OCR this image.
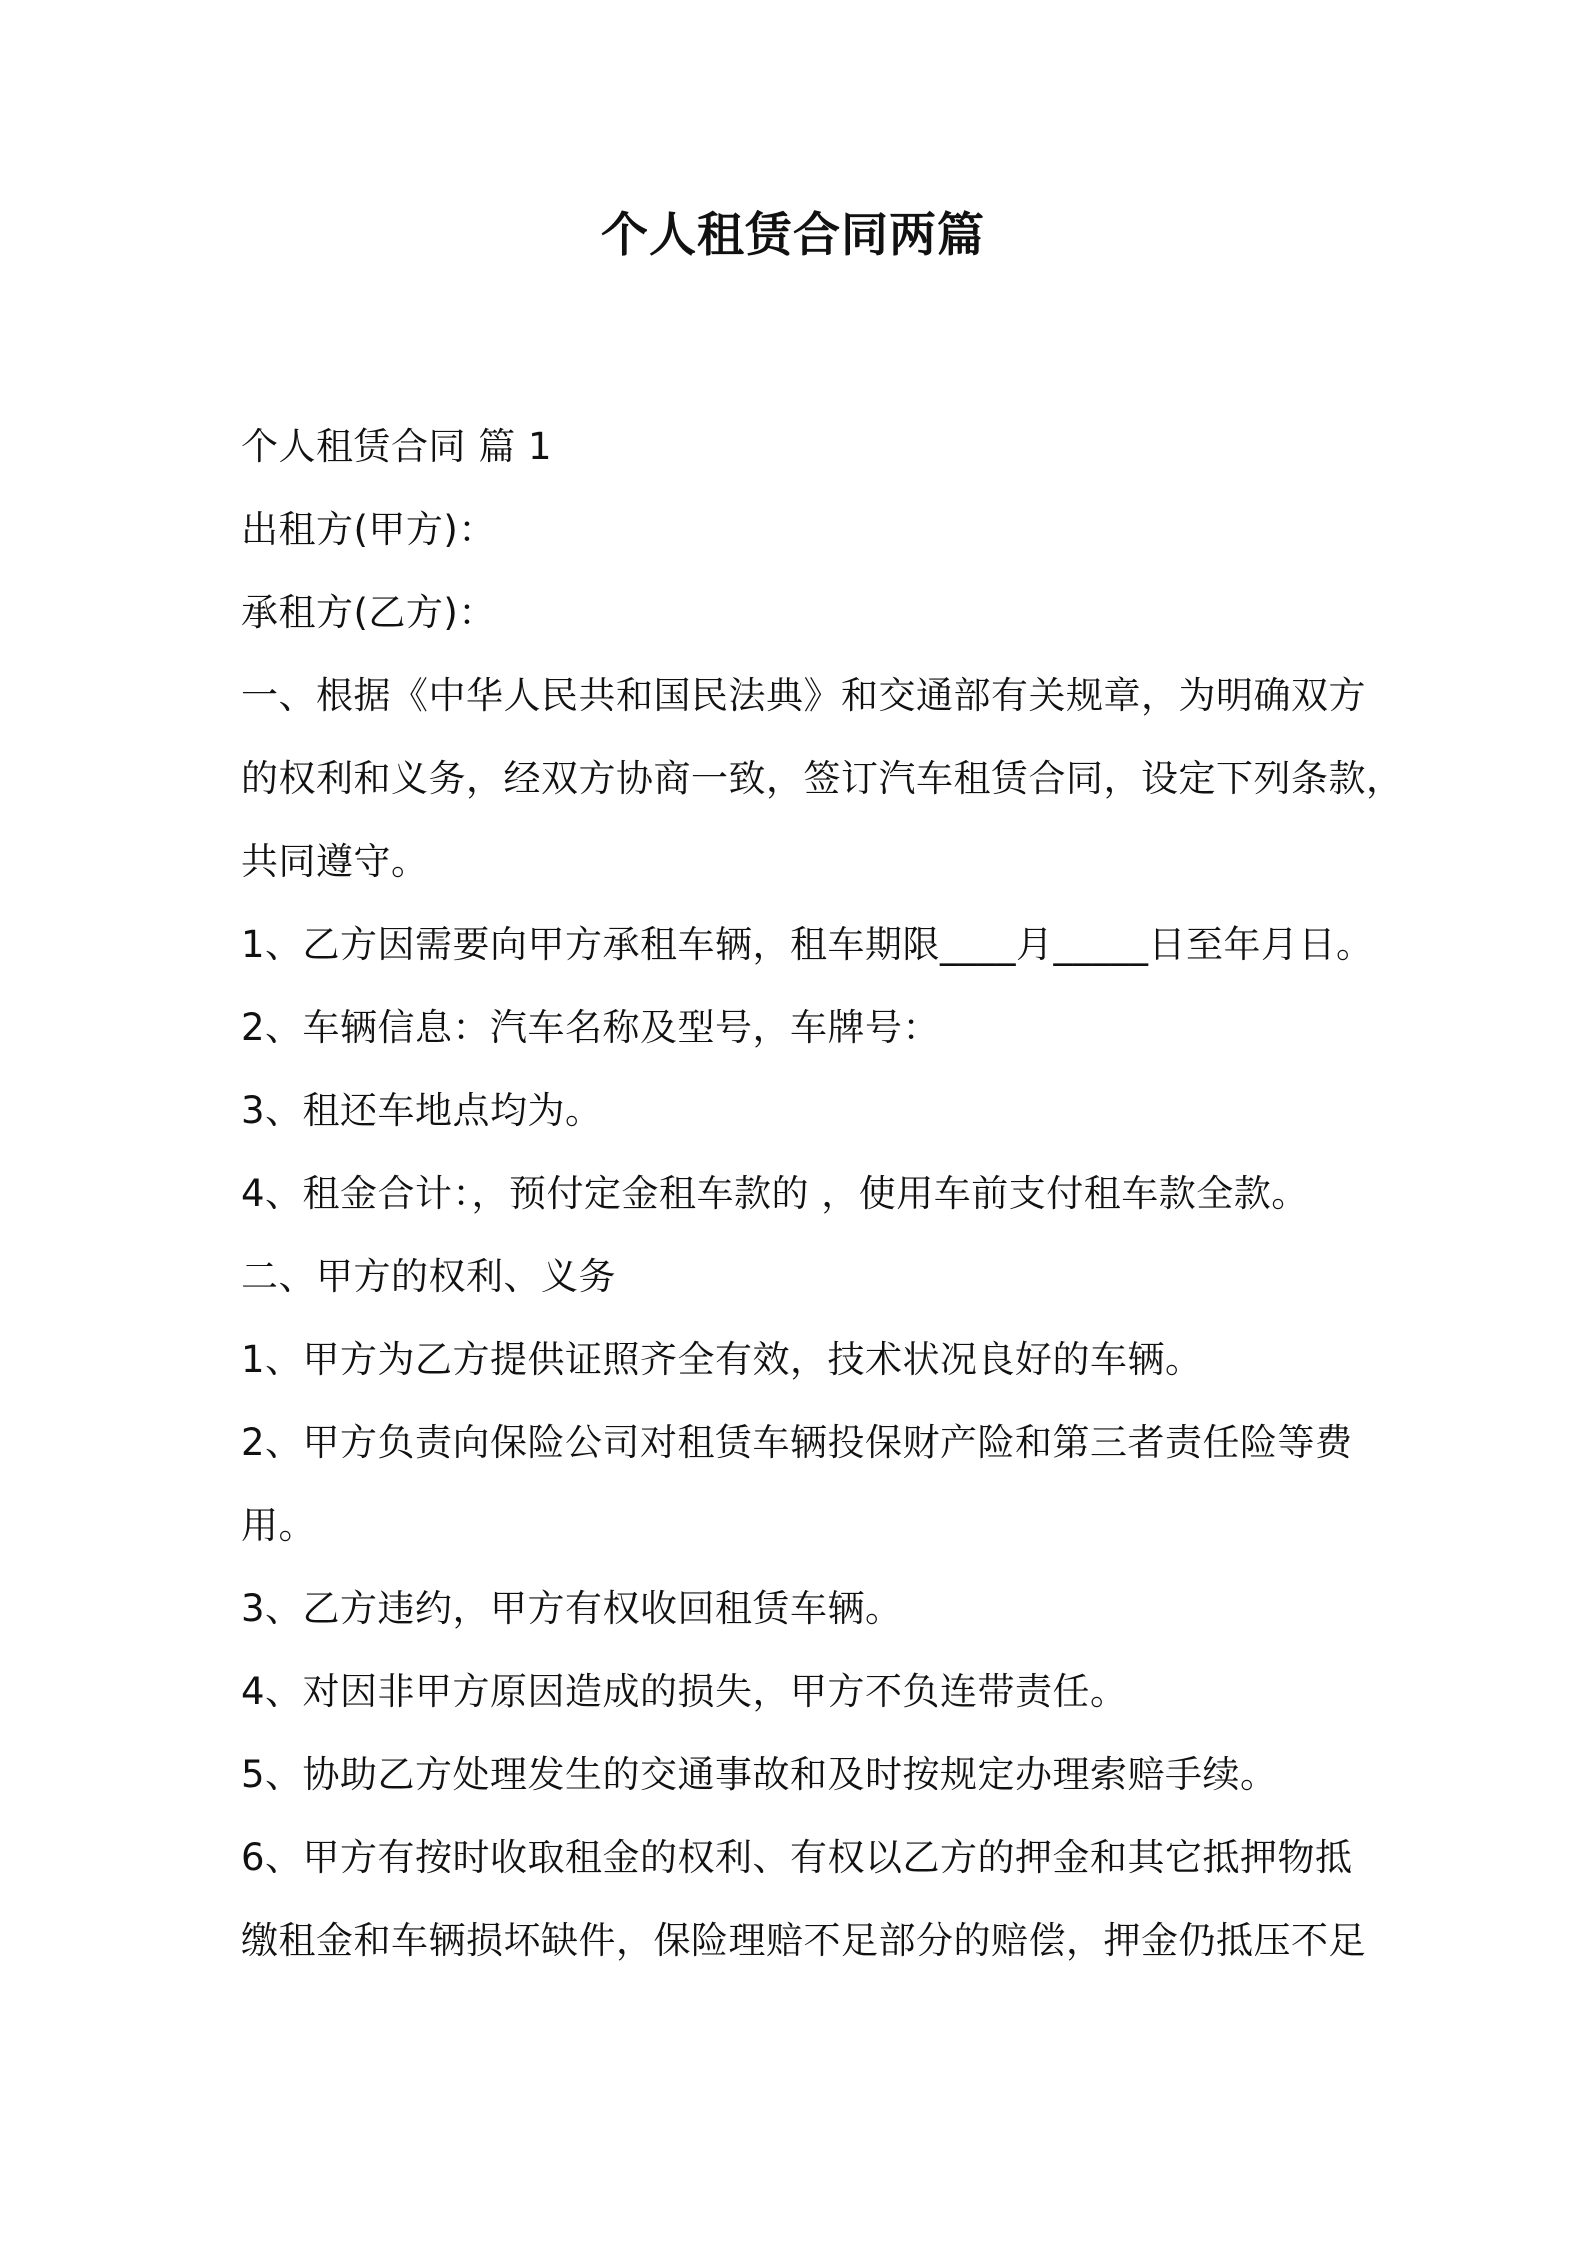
个人租赁合同两篇

个人租赁合同 篇 1

出租方(甲方)：

承租方(乙方)：

一、根据《中华人民共和国民法典》和交通部有关规章，为明确双方

的权利和义务，经双方协商一致，签订汽车租赁合同，设定下列条款，

共同遵守。

1、乙方因需要向甲方承租车辆，租车期限____月_____日至年月日。

2、车辆信息：汽车名称及型号，车牌号：

3、租还车地点均为。

4、租金合计：，预付定金租车款的 ，使用车前支付租车款全款。

二、甲方的权利、义务

1、甲方为乙方提供证照齐全有效，技术状况良好的车辆。

2、甲方负责向保险公司对租赁车辆投保财产险和第三者责任险等费

用。

3、乙方违约，甲方有权收回租赁车辆。

4、对因非甲方原因造成的损失，甲方不负连带责任。

5、协助乙方处理发生的交通事故和及时按规定办理索赔手续。

6、甲方有按时收取租金的权利、有权以乙方的押金和其它抵押物抵

缴租金和车辆损坏缺件，保险理赔不足部分的赔偿，押金仍抵压不足
